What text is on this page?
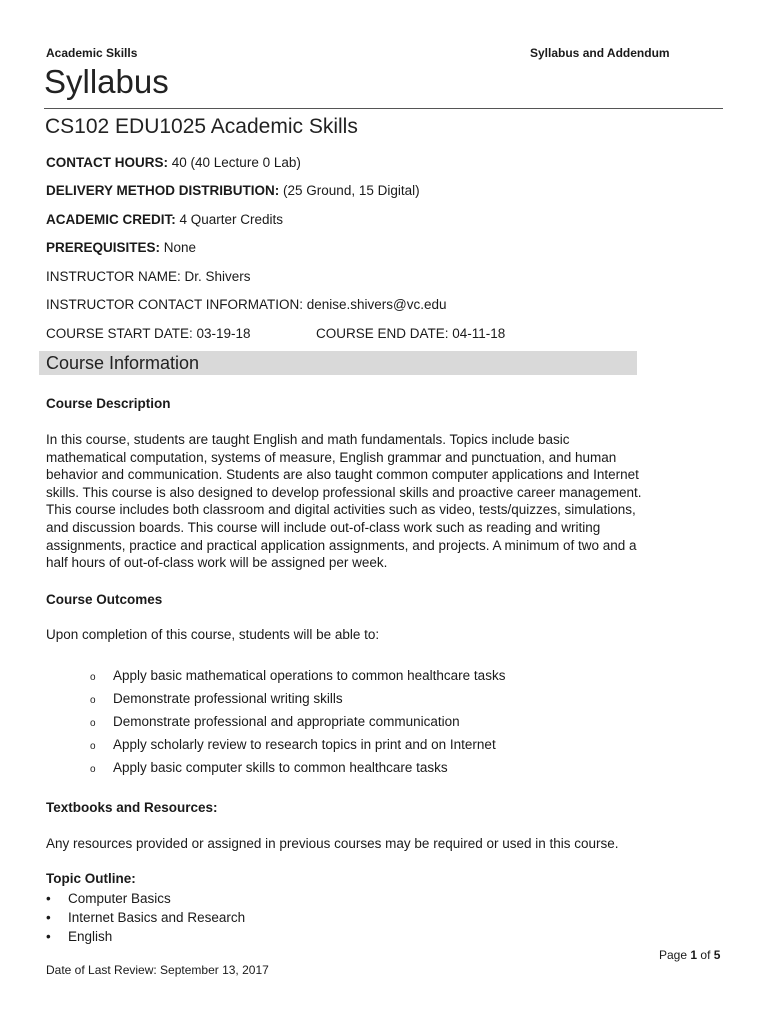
Academic Skills	Syllabus and Addendum
Syllabus
CS102 EDU1025 Academic Skills
CONTACT HOURS: 40 (40 Lecture 0 Lab)
DELIVERY METHOD DISTRIBUTION: (25 Ground, 15 Digital)
ACADEMIC CREDIT: 4 Quarter Credits
PREREQUISITES: None
INSTRUCTOR NAME: Dr. Shivers
INSTRUCTOR CONTACT INFORMATION: denise.shivers@vc.edu
COURSE START DATE: 03-19-18	COURSE END DATE: 04-11-18
Course Information
Course Description
In this course, students are taught English and math fundamentals. Topics include basic
mathematical computation, systems of measure, English grammar and punctuation, and human
behavior and communication. Students are also taught common computer applications and Internet
skills. This course is also designed to develop professional skills and proactive career management.
This course includes both classroom and digital activities such as video, tests/quizzes, simulations,
and discussion boards. This course will include out-of-class work such as reading and writing
assignments, practice and practical application assignments, and projects. A minimum of two and a
half hours of out-of-class work will be assigned per week.
Course Outcomes
Upon completion of this course, students will be able to:
o Apply basic mathematical operations to common healthcare tasks
o Demonstrate professional writing skills
o Demonstrate professional and appropriate communication
o Apply scholarly review to research topics in print and on Internet
o Apply basic computer skills to common healthcare tasks
Textbooks and Resources:
Any resources provided or assigned in previous courses may be required or used in this course.
Topic Outline:
• Computer Basics
• Internet Basics and Research
• English
Page 1 of 5
Date of Last Review: September 13, 2017
